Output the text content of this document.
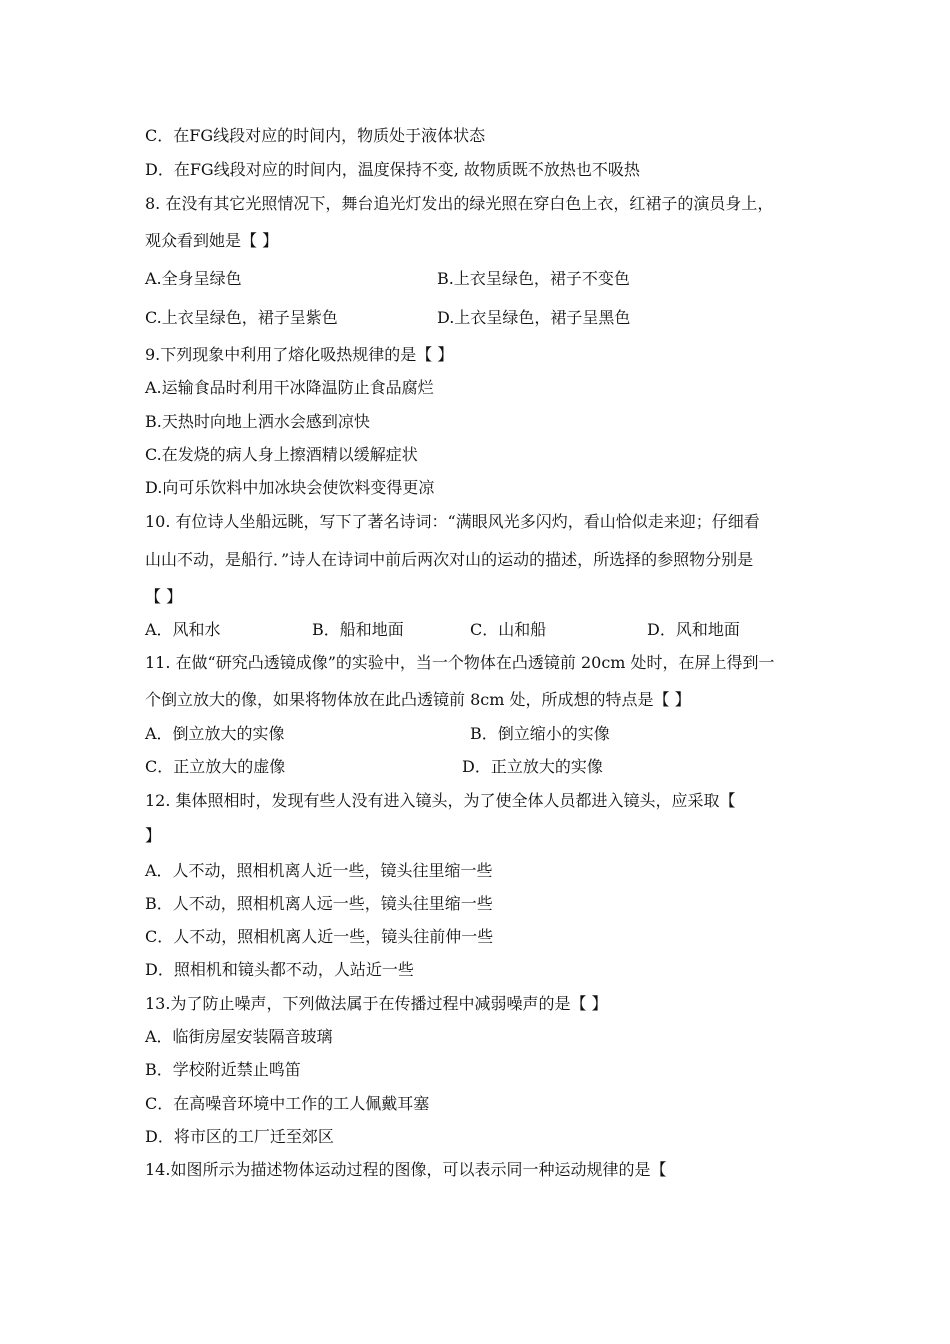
C．在FG线段对应的时间内，物质处于液体状态
D．在FG线段对应的时间内，温度保持不变, 故物质既不放热也不吸热
8. 在没有其它光照情况下，舞台追光灯发出的绿光照在穿白色上衣，红裙子的演员身上，
观众看到她是【 】
A.全身呈绿色	B.上衣呈绿色，裙子不变色
C.上衣呈绿色，裙子呈紫色	D.上衣呈绿色，裙子呈黑色
9.下列现象中利用了熔化吸热规律的是【 】
A.运输食品时利用干冰降温防止食品腐烂
B.天热时向地上洒水会感到凉快
C.在发烧的病人身上擦酒精以缓解症状
D.向可乐饮料中加冰块会使饮料变得更凉
10. 有位诗人坐船远眺，写下了著名诗词：“满眼风光多闪灼，看山恰似走来迎；仔细看
山山不动，是船行．”诗人在诗词中前后两次对山的运动的描述，所选择的参照物分别是
【 】
A．风和水	B．船和地面	C．山和船	D．风和地面
11. 在做“研究凸透镜成像”的实验中，当一个物体在凸透镜前 20cm 处时，在屏上得到一
个倒立放大的像，如果将物体放在此凸透镜前 8cm 处，所成想的特点是【 】
A．倒立放大的实像	B．倒立缩小的实像
C．正立放大的虚像	D．正立放大的实像
12. 集体照相时，发现有些人没有进入镜头，为了使全体人员都进入镜头，应采取【
】
A．人不动，照相机离人近一些，镜头往里缩一些
B．人不动，照相机离人远一些，镜头往里缩一些
C．人不动，照相机离人近一些，镜头往前伸一些
D．照相机和镜头都不动，人站近一些
13.为了防止噪声，下列做法属于在传播过程中减弱噪声的是【 】
A．临街房屋安装隔音玻璃
B．学校附近禁止鸣笛
C．在高噪音环境中工作的工人佩戴耳塞
D．将市区的工厂迁至郊区
14.如图所示为描述物体运动过程的图像，可以表示同一种运动规律的是【
